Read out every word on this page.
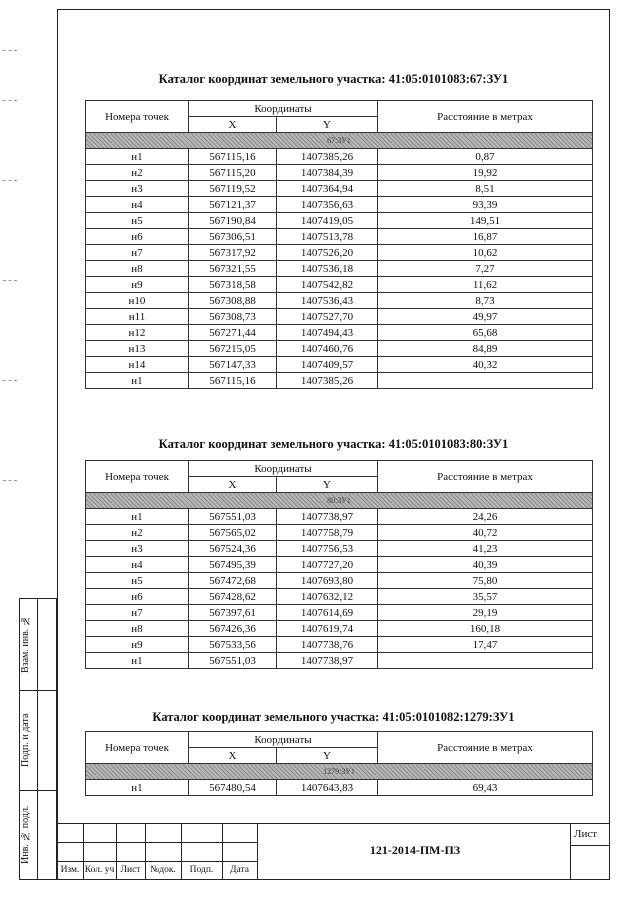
Каталог координат земельного участка: 41:05:0101083:67:ЗУ1
Номера точек	Координаты		Расстояние в метрах
	X	Y	
67:ЗУ1			
н1	567115,16	1407385,26	0,87
н2	567115,20	1407384,39	19,92
н3	567119,52	1407364,94	8,51
н4	567121,37	1407356,63	93,39
н5	567190,84	1407419,05	149,51
н6	567306,51	1407513,78	16,87
н7	567317,92	1407526,20	10,62
н8	567321,55	1407536,18	7,27
н9	567318,58	1407542,82	11,62
н10	567308,88	1407536,43	8,73
н11	567308,73	1407527,70	49,97
н12	567271,44	1407494,43	65,68
н13	567215,05	1407460,76	84,89
н14	567147,33	1407409,57	40,32
н1	567115,16	1407385,26	
Каталог координат земельного участка: 41:05:0101083:80:ЗУ1
Номера точек	Координаты		Расстояние в метрах
	X	Y	
80:ЗУ1			
н1	567551,03	1407738,97	24,26
н2	567565,02	1407758,79	40,72
н3	567524,36	1407756,53	41,23
н4	567495,39	1407727,20	40,39
н5	567472,68	1407693,80	75,80
н6	567428,62	1407632,12	35,57
н7	567397,61	1407614,69	29,19
н8	567426,36	1407619,74	160,18
н9	567533,56	1407738,76	17,47
н1	567551,03	1407738,97	
Каталог координат земельного участка: 41:05:0101082:1279:ЗУ1
Номера точек	Координаты		Расстояние в метрах
	X	Y	
1279:ЗУ1			
н1	567480,54	1407643,83	69,43
Взам. инв. №
Подп. и дата
Инв. № подл.
Изм. Кол. уч Лист	№док.	Подп.	Дата
121-2014-ПМ-ПЗ
Лист
